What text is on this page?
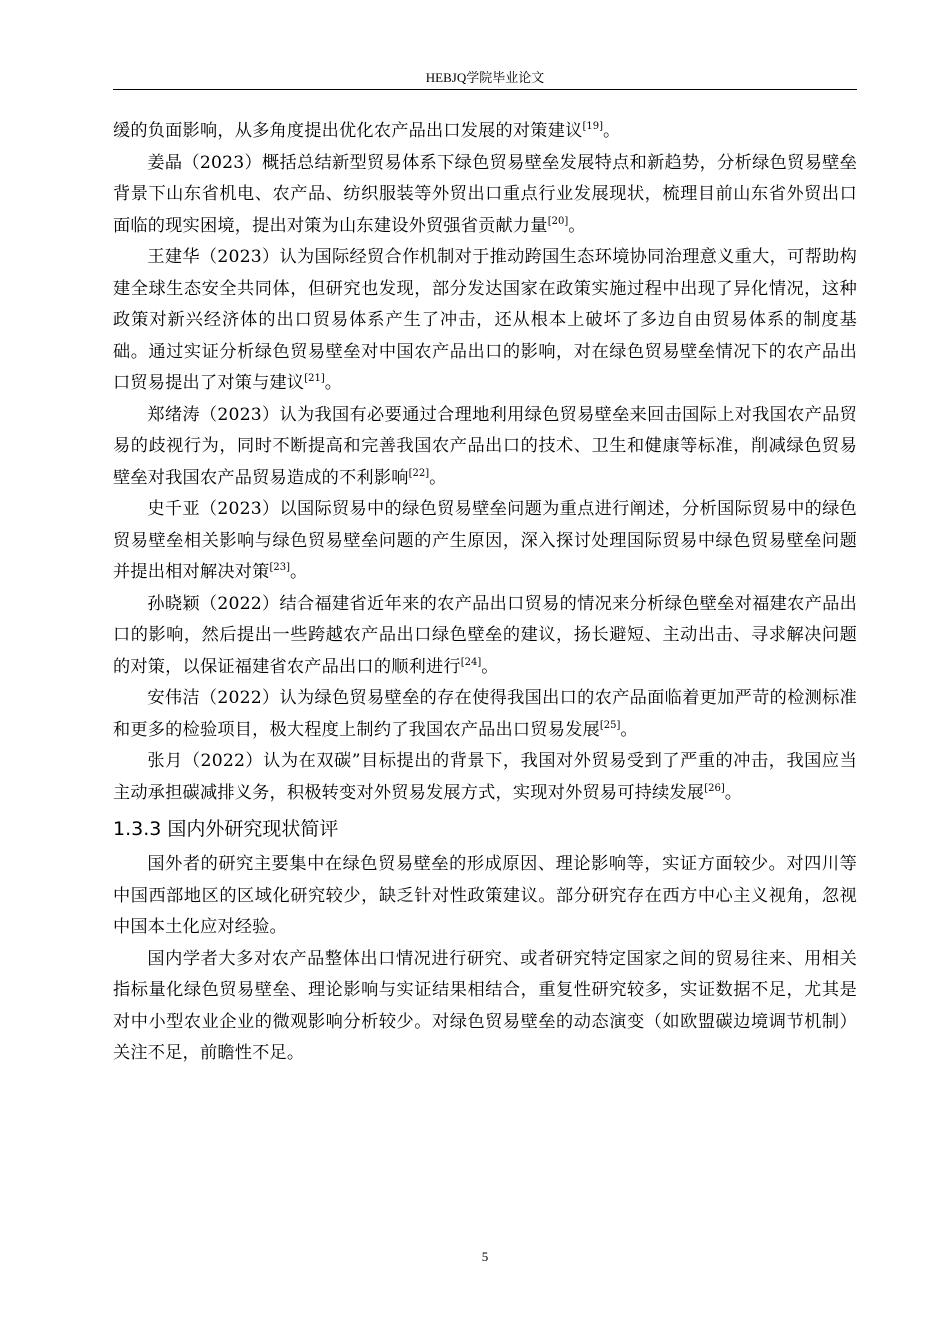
HEBJQ学院毕业论文

缓的负面影响，从多角度提出优化农产品出口发展的对策建议[19]。

姜晶（2023）概括总结新型贸易体系下绿色贸易壁垒发展特点和新趋势，分析绿色贸易壁垒背景下山东省机电、农产品、纺织服装等外贸出口重点行业发展现状，梳理目前山东省外贸出口面临的现实困境，提出对策为山东建设外贸强省贡献力量[20]。

王建华（2023）认为国际经贸合作机制对于推动跨国生态环境协同治理意义重大，可帮助构建全球生态安全共同体，但研究也发现，部分发达国家在政策实施过程中出现了异化情况，这种政策对新兴经济体的出口贸易体系产生了冲击，还从根本上破坏了多边自由贸易体系的制度基础。通过实证分析绿色贸易壁垒对中国农产品出口的影响，对在绿色贸易壁垒情况下的农产品出口贸易提出了对策与建议[21]。

郑绪涛（2023）认为我国有必要通过合理地利用绿色贸易壁垒来回击国际上对我国农产品贸易的歧视行为，同时不断提高和完善我国农产品出口的技术、卫生和健康等标准，削减绿色贸易壁垒对我国农产品贸易造成的不利影响[22]。

史千亚（2023）以国际贸易中的绿色贸易壁垒问题为重点进行阐述，分析国际贸易中的绿色贸易壁垒相关影响与绿色贸易壁垒问题的产生原因，深入探讨处理国际贸易中绿色贸易壁垒问题并提出相对解决对策[23]。

孙晓颖（2022）结合福建省近年来的农产品出口贸易的情况来分析绿色壁垒对福建农产品出口的影响，然后提出一些跨越农产品出口绿色壁垒的建议，扬长避短、主动出击、寻求解决问题的对策，以保证福建省农产品出口的顺利进行[24]。

安伟洁（2022）认为绿色贸易壁垒的存在使得我国出口的农产品面临着更加严苛的检测标准和更多的检验项目，极大程度上制约了我国农产品出口贸易发展[25]。

张月（2022）认为在双碳”目标提出的背景下，我国对外贸易受到了严重的冲击，我国应当主动承担碳减排义务，积极转变对外贸易发展方式，实现对外贸易可持续发展[26]。

1.3.3 国内外研究现状简评

国外者的研究主要集中在绿色贸易壁垒的形成原因、理论影响等，实证方面较少。对四川等中国西部地区的区域化研究较少，缺乏针对性政策建议。部分研究存在西方中心主义视角，忽视中国本土化应对经验。

国内学者大多对农产品整体出口情况进行研究、或者研究特定国家之间的贸易往来、用相关指标量化绿色贸易壁垒、理论影响与实证结果相结合，重复性研究较多，实证数据不足，尤其是对中小型农业企业的微观影响分析较少。对绿色贸易壁垒的动态演变（如欧盟碳边境调节机制）关注不足，前瞻性不足。

5
